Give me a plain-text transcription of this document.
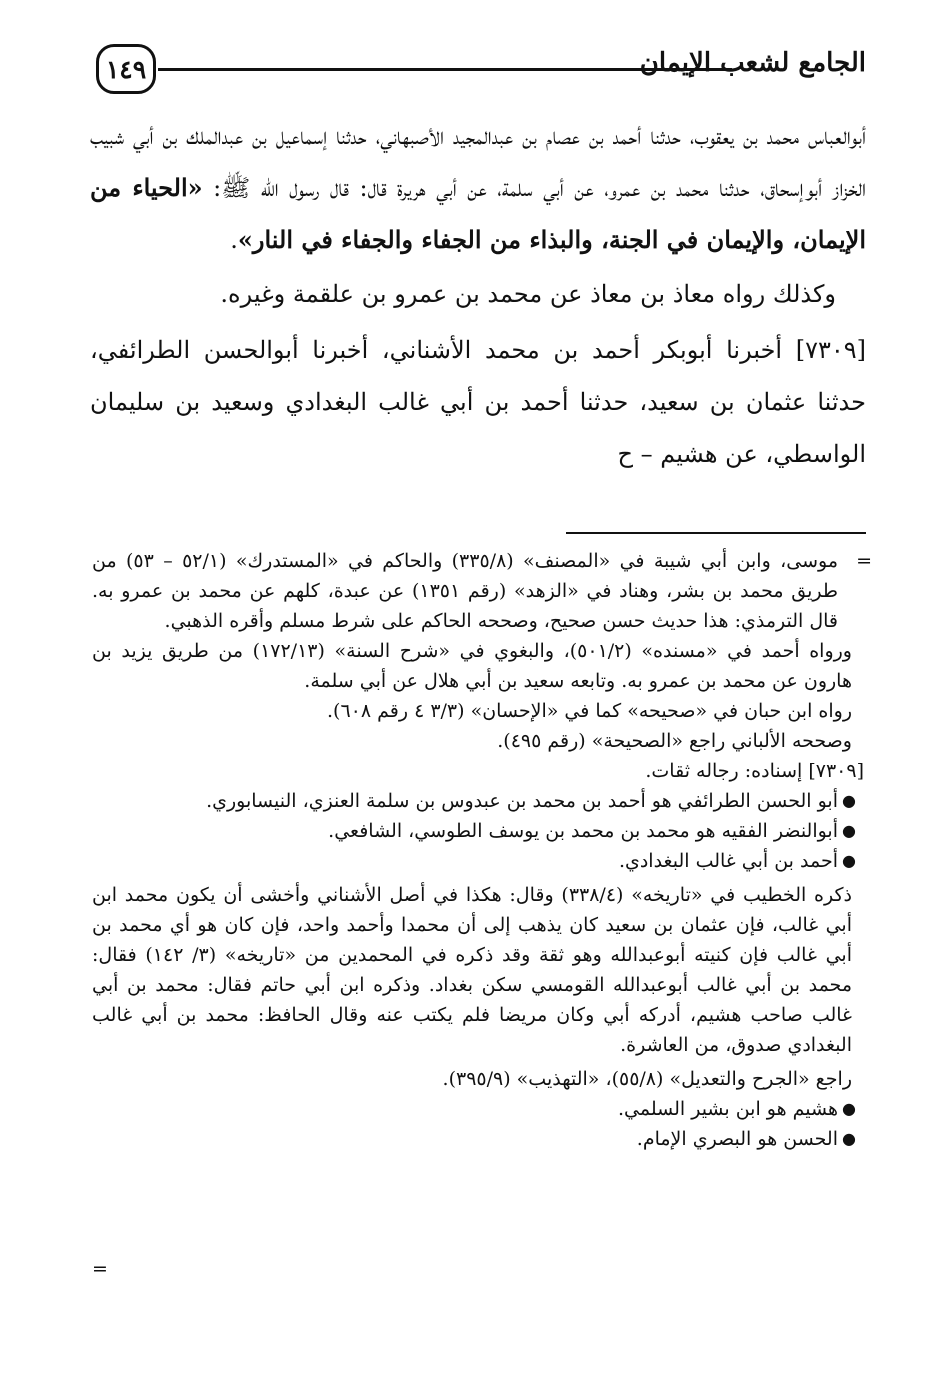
١٤٩	الجامع لشعب الإيمان

أبوالعباس محمد بن يعقوب، حدثنا أحمد بن عصام بن عبدالمجيد الأصبهاني، حدثنا إسماعيل بن عبدالملك بن أبي شبيب الخزاز أبوإسحاق، حدثنا محمد بن عمرو، عن أبي سلمة، عن أبي هريرة قال: قال رسول الله ﷺ: «الحياء من الإيمان، والإيمان في الجنة، والبذاء من الجفاء والجفاء في النار».

وكذلك رواه معاذ بن معاذ عن محمد بن عمرو بن علقمة وغيره.

[٧٣٠٩] أخبرنا أبوبكر أحمد بن محمد الأشناني، أخبرنا أبوالحسن الطرائفي، حدثنا عثمان بن سعيد، حدثنا أحمد بن أبي غالب البغدادي وسعيد بن سليمان الواسطي، عن هشيم – ح

=

موسى، وابن أبي شيبة في «المصنف» (٣٣٥/٨) والحاكم في «المستدرك» (٥٢/١ – ٥٣) من طريق محمد بن بشر، وهناد في «الزهد» (رقم ١٣٥١) عن عبدة، كلهم عن محمد بن عمرو به. قال الترمذي: هذا حديث حسن صحيح، وصححه الحاكم على شرط مسلم وأقره الذهبي.

ورواه أحمد في «مسنده» (٥٠١/٢)، والبغوي في «شرح السنة» (١٧٢/١٣) من طريق يزيد بن هارون عن محمد بن عمرو به. وتابعه سعيد بن أبي هلال عن أبي سلمة.

رواه ابن حبان في «صحيحه» كما في «الإحسان» (٣/٣ ٤ رقم ٦٠٨).

وصححه الألباني راجع «الصحيحة» (رقم ٤٩٥).

[٧٣٠٩] إسناده: رجاله ثقات.

●
أبو الحسن الطرائفي هو أحمد بن محمد بن عبدوس بن سلمة العنزي، النيسابوري.
●
أبوالنضر الفقيه هو محمد بن محمد بن يوسف الطوسي، الشافعي.
●
أحمد بن أبي غالب البغدادي.

ذكره الخطيب في «تاريخه» (٣٣٨/٤) وقال: هكذا في أصل الأشناني وأخشى أن يكون محمد ابن أبي غالب، فإن عثمان بن سعيد كان يذهب إلى أن محمدا وأحمد واحد، فإن كان هو أي محمد بن أبي غالب فإن كنيته أبوعبدالله وهو ثقة وقد ذكره في المحمدين من «تاريخه» (٣/ ١٤٢) فقال: محمد بن أبي غالب أبوعبدالله القومسي سكن بغداد. وذكره ابن أبي حاتم فقال: محمد بن أبي غالب صاحب هشيم، أدركه أبي وكان مريضا فلم يكتب عنه وقال الحافظ: محمد بن أبي غالب البغدادي صدوق، من العاشرة.

راجع «الجرح والتعديل» (٥٥/٨)، «التهذيب» (٣٩٥/٩).

●
هشيم هو ابن بشير السلمي.
●
الحسن هو البصري الإمام.
=
